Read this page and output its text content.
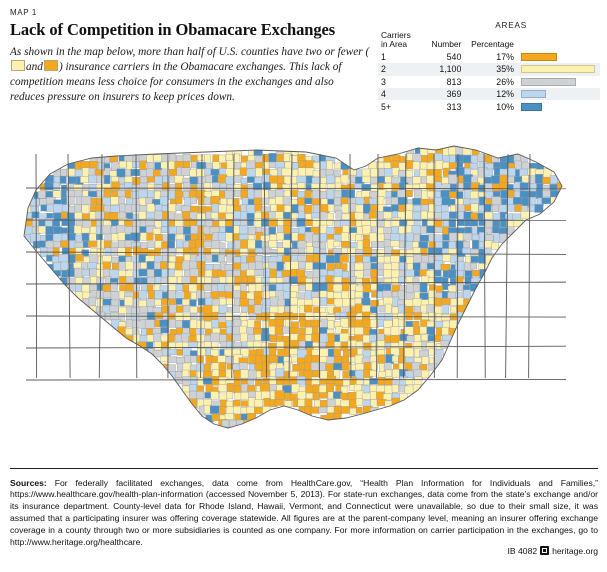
MAP 1
Lack of Competition in Obamacare Exchanges

As shown in the map below, more than half of U.S. counties have two or fewer (and ) insurance carriers in the Obamacare exchanges. This lack of competition means less choice for consumers in the exchanges and also reduces pressure on insurers to keep prices down.

	AREAS		
Carriers
in Area	Number	Percentage	
1	540	17%	

2	1,100	35%	

3	813	26%	

4	369	12%	

5+	313	10%	

Sources: For federally facilitated exchanges, data come from HealthCare.gov, “Health Plan Information for Individuals and Families,” https://www.healthcare.gov/health-plan-information (accessed November 5, 2013). For state-run exchanges, data come from the state’s exchange and/or its insurance department. County-level data for Rhode Island, Hawaii, Vermont, and Connecticut were unavailable, so due to their small size, it was assumed that a participating insurer was offering coverage statewide. All figures are at the parent-company level, meaning an insurer offering exchange coverage in a county through two or more subsidiaries is counted as one company. For more information on carrier participation in the exchanges, go to http://www.heritage.org/healthcare.

IB 4082 heritage.org
